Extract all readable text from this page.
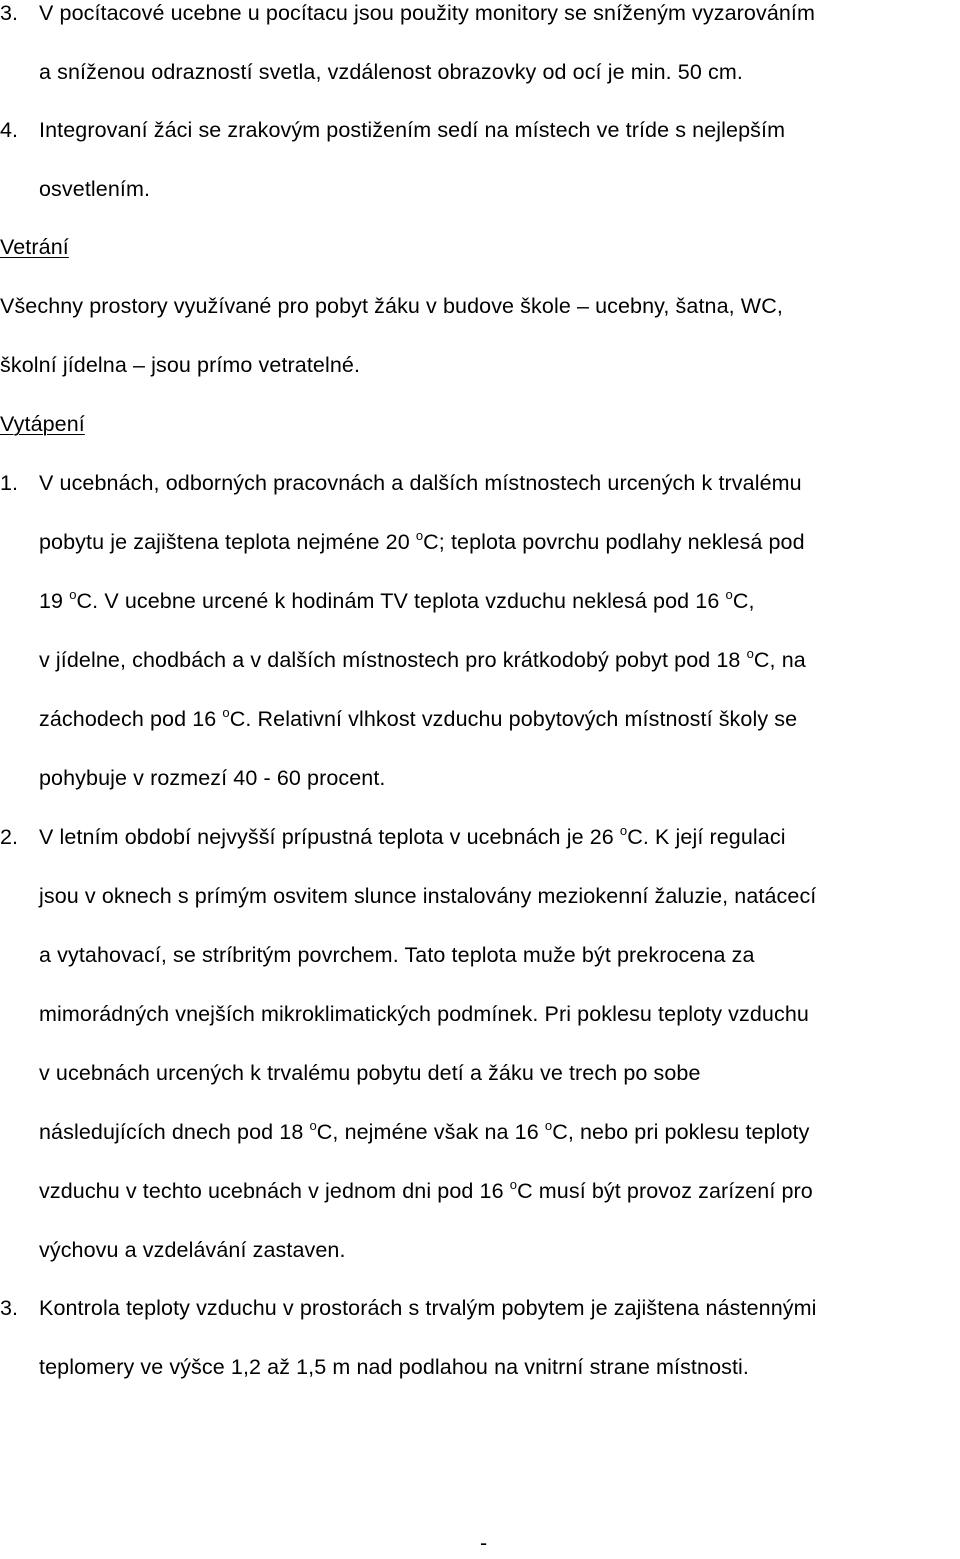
3. V pocítacové ucebne u pocítacu jsou použity monitory se sníženým vyzarováním
a sníženou odrazností svetla, vzdálenost obrazovky od ocí je min. 50 cm.
4. Integrovaní žáci se zrakovým postižením sedí na místech ve tríde s nejlepším
osvetlením.
Vetrání
Všechny prostory využívané pro pobyt žáku v budove škole – ucebny, šatna, WC,
školní jídelna – jsou prímo vetratelné.
Vytápení
1. V ucebnách, odborných pracovnách a dalších místnostech urcených k trvalému
pobytu je zajištena teplota nejméne 20 $^o$C; teplota povrchu podlahy neklesá pod
19 $^o$C. V ucebne urcené k hodinám TV teplota vzduchu neklesá pod 16 $^o$C,
v jídelne, chodbách a v dalších místnostech pro krátkodobý pobyt pod 18 $^o$C, na
záchodech pod 16 $^o$C. Relativní vlhkost vzduchu pobytových místností školy se
pohybuje v rozmezí 40 - 60 procent.
2. V letním období nejvyšší prípustná teplota v ucebnách je 26 $^o$C. K její regulaci
jsou v oknech s prímým osvitem slunce instalovány meziokenní žaluzie, natácecí
a vytahovací, se stríbritým povrchem. Tato teplota muže být prekrocena za
mimorádných vnejších mikroklimatických podmínek. Pri poklesu teploty vzduchu
v ucebnách urcených k trvalému pobytu detí a žáku ve trech po sobe
následujících dnech pod 18 $^o$C, nejméne však na 16 $^o$C, nebo pri poklesu teploty
vzduchu v techto ucebnách v jednom dni pod 16 $^o$C musí být provoz zarízení pro
výchovu a vzdelávání zastaven.
3. Kontrola teploty vzduchu v prostorách s trvalým pobytem je zajištena nástennými
teplomery ve výšce 1,2 až 1,5 m nad podlahou na vnitrní strane místnosti.
-
